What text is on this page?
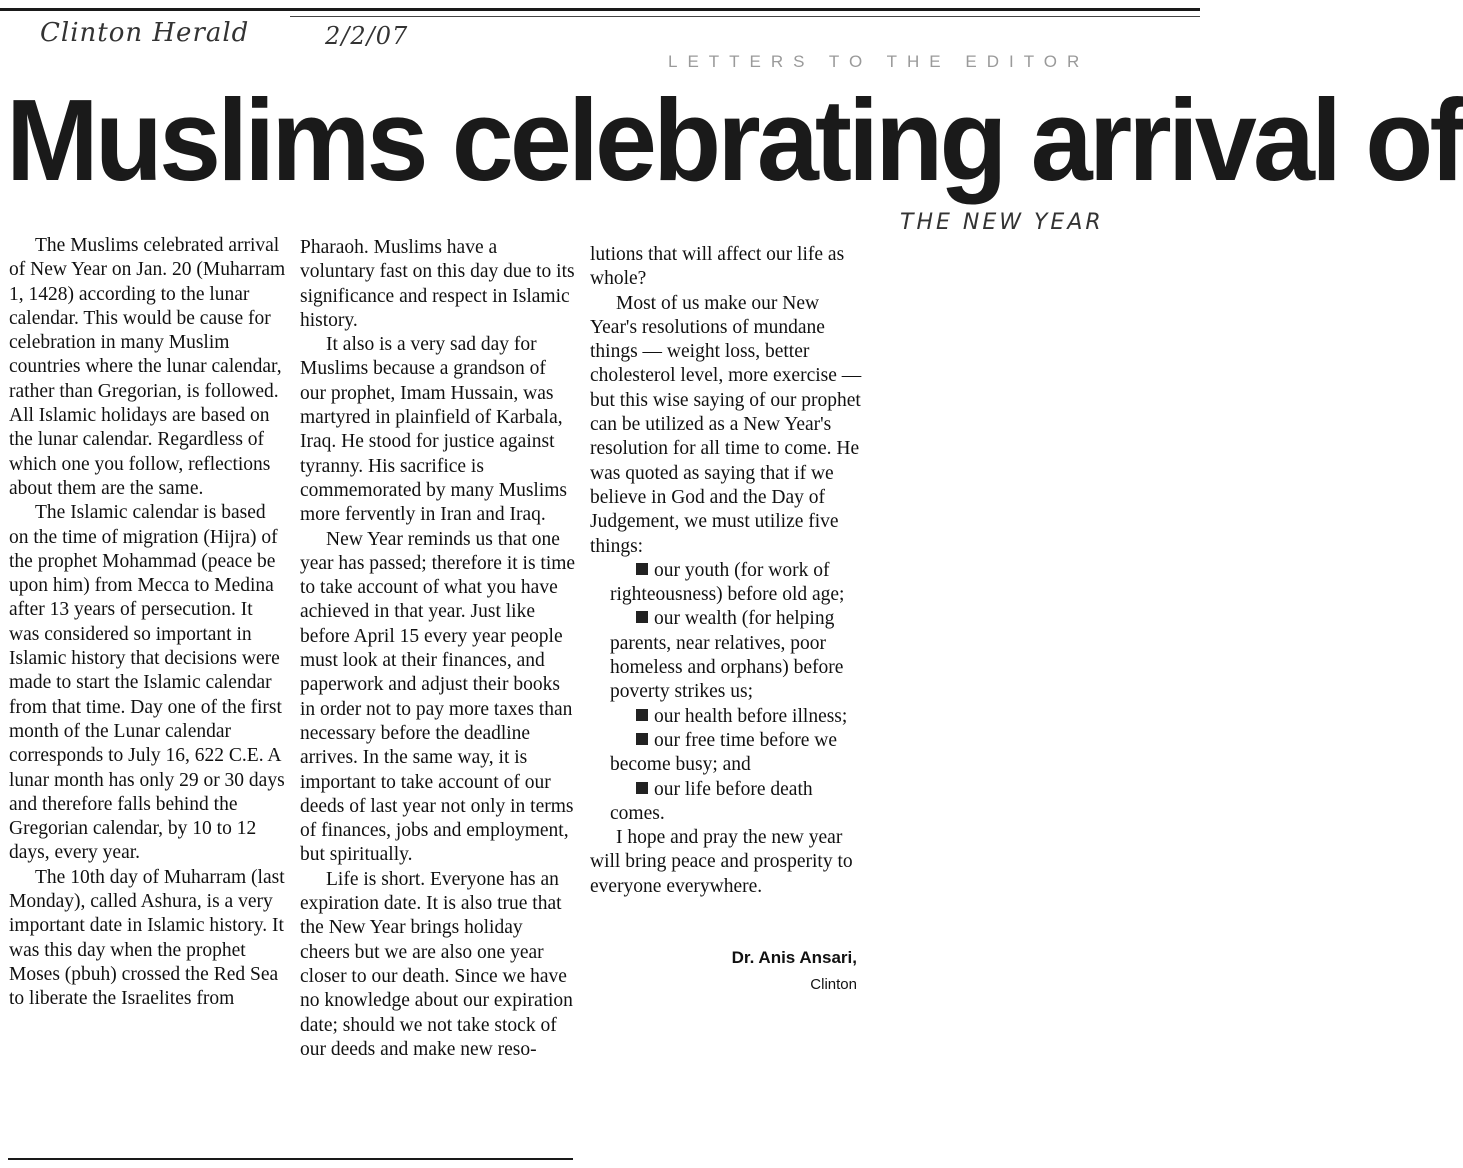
Clinton Herald	2/2/07
LETTERS TO THE EDITOR
Muslims celebrating arrival of
THE NEW YEAR

The Muslims celebrated arrival of New Year on Jan. 20 (Muharram 1, 1428) according to the lunar calendar. This would be cause for celebration in many Muslim countries where the lunar calendar, rather than Gregorian, is followed. All Islamic holidays are based on the lunar calendar. Regardless of which one you follow, reflections about them are the same.

The Islamic calendar is based on the time of migration (Hijra) of the prophet Mohammad (peace be upon him) from Mecca to Medina after 13 years of persecution. It was considered so important in Islamic history that decisions were made to start the Islamic calendar from that time. Day one of the first month of the Lunar calendar corresponds to July 16, 622 C.E. A lunar month has only 29 or 30 days and therefore falls behind the Gregorian calendar, by 10 to 12 days, every year.

The 10th day of Muharram (last Monday), called Ashura, is a very important date in Islamic history. It was this day when the prophet Moses (pbuh) crossed the Red Sea to liberate the Israelites from

Pharaoh. Muslims have a voluntary fast on this day due to its significance and respect in Islamic history.

It also is a very sad day for Muslims because a grandson of our prophet, Imam Hussain, was martyred in plainfield of Karbala, Iraq. He stood for justice against tyranny. His sacrifice is commemorated by many Muslims more fervently in Iran and Iraq.

New Year reminds us that one year has passed; therefore it is time to take account of what you have achieved in that year. Just like before April 15 every year people must look at their finances, and paperwork and adjust their books in order not to pay more taxes than necessary before the deadline arrives. In the same way, it is important to take account of our deeds of last year not only in terms of finances, jobs and employment, but spiritually.

Life is short. Everyone has an expiration date. It is also true that the New Year brings holiday cheers but we are also one year closer to our death. Since we have no knowledge about our expiration date; should we not take stock of our deeds and make new reso-

lutions that will affect our life as whole?

Most of us make our New Year's resolutions of mundane things — weight loss, better cholesterol level, more exercise —but this wise saying of our prophet can be utilized as a New Year's resolution for all time to come. He was quoted as saying that if we believe in God and the Day of Judgement, we must utilize five things:

our youth (for work of righteousness) before old age;

our wealth (for helping parents, near relatives, poor homeless and orphans) before poverty strikes us;

our health before illness;

our free time before we become busy; and

our life before death comes.

I hope and pray the new year will bring peace and prosperity to everyone everywhere.

Dr. Anis Ansari,
Clinton
